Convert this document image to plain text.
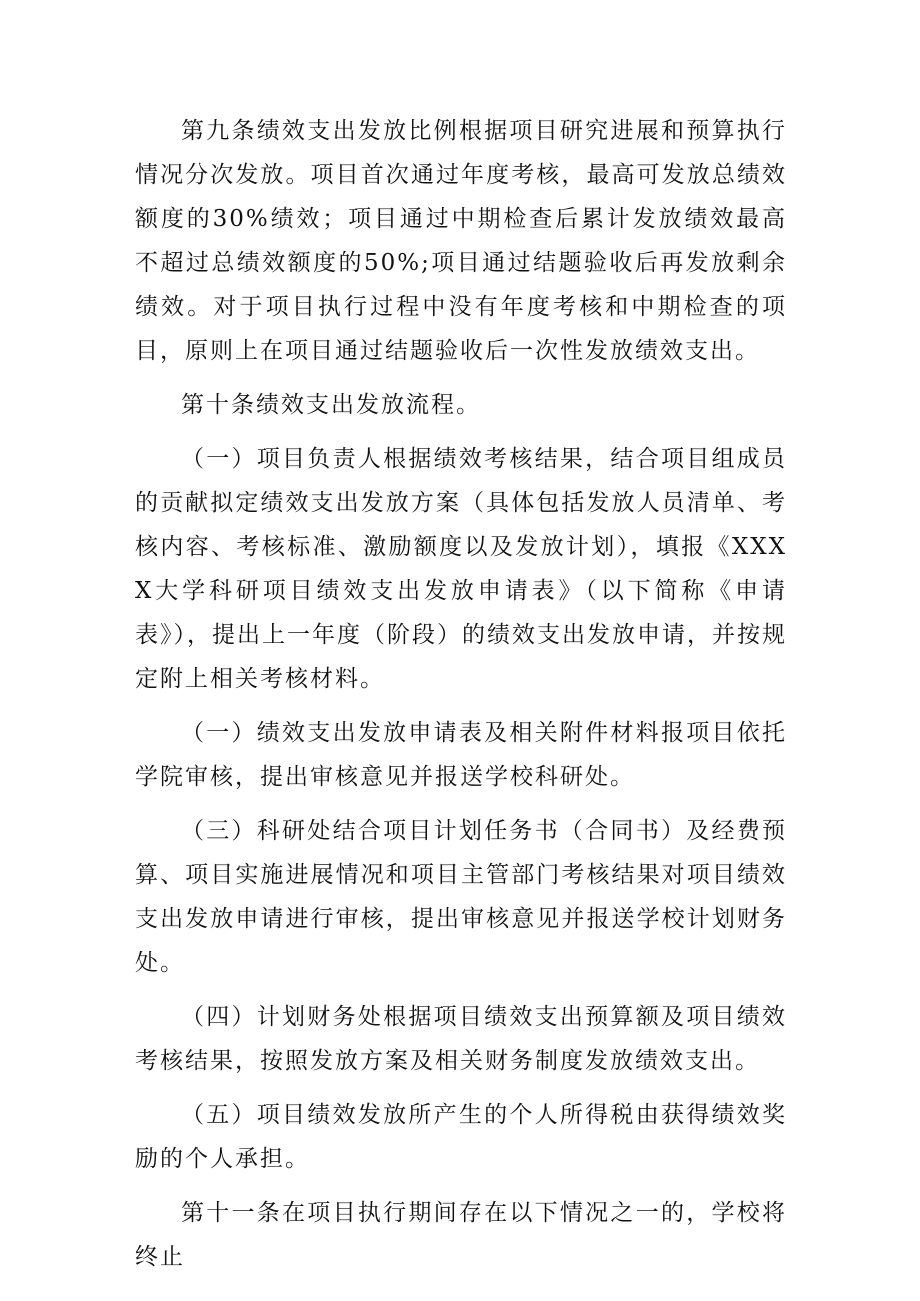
第九条绩效支出发放比例根据项目研究进展和预算执行情况分次发放。项目首次通过年度考核，最高可发放总绩效额度的30%绩效；项目通过中期检查后累计发放绩效最高不超过总绩效额度的50%;项目通过结题验收后再发放剩余绩效。对于项目执行过程中没有年度考核和中期检查的项目，原则上在项目通过结题验收后一次性发放绩效支出。

第十条绩效支出发放流程。

（一）项目负责人根据绩效考核结果，结合项目组成员的贡献拟定绩效支出发放方案（具体包括发放人员清单、考核内容、考核标准、激励额度以及发放计划），填报《XXXX大学科研项目绩效支出发放申请表》（以下简称《申请表》），提出上一年度（阶段）的绩效支出发放申请，并按规定附上相关考核材料。

（一）绩效支出发放申请表及相关附件材料报项目依托学院审核，提出审核意见并报送学校科研处。

（三）科研处结合项目计划任务书（合同书）及经费预算、项目实施进展情况和项目主管部门考核结果对项目绩效支出发放申请进行审核，提出审核意见并报送学校计划财务处。

（四）计划财务处根据项目绩效支出预算额及项目绩效考核结果，按照发放方案及相关财务制度发放绩效支出。

（五）项目绩效发放所产生的个人所得税由获得绩效奖励的个人承担。

第十一条在项目执行期间存在以下情况之一的，学校将终止
